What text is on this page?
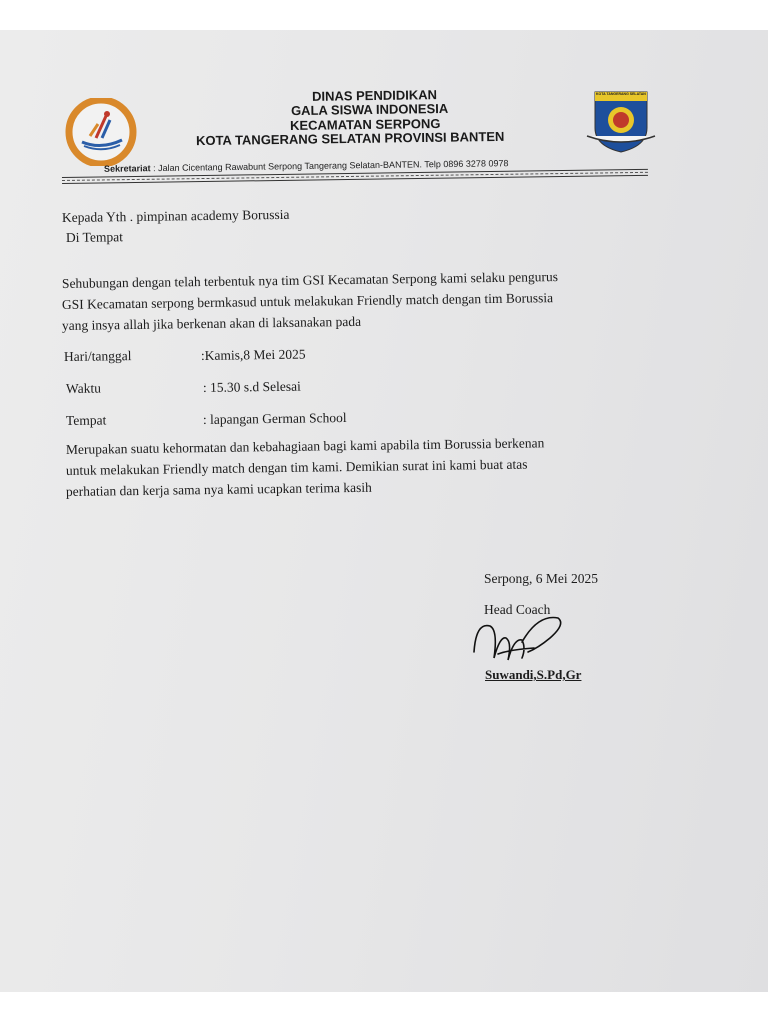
KOTA TANGERANG SELATAN
DINAS PENDIDIKAN
GALA SISWA INDONESIA
KECAMATAN SERPONG
KOTA TANGERANG SELATAN PROVINSI BANTEN
Sekretariat : Jalan Cicentang Rawabunt Serpong Tangerang Selatan-BANTEN. Telp 0896 3278 0978
Kepada Yth . pimpinan academy Borussia
Di Tempat
Sehubungan dengan telah terbentuk nya tim GSI Kecamatan Serpong kami selaku pengurus
GSI Kecamatan serpong bermkasud untuk melakukan Friendly match dengan tim Borussia
yang insya allah jika berkenan akan di laksanakan pada
Hari/tanggal	:Kamis,8 Mei 2025
Waktu	: 15.30 s.d Selesai
Tempat	: lapangan German School
Merupakan suatu kehormatan dan kebahagiaan bagi kami apabila tim Borussia berkenan
untuk melakukan Friendly match dengan tim kami. Demikian surat ini kami buat atas
perhatian dan kerja sama nya kami ucapkan terima kasih
Serpong, 6 Mei 2025
Head Coach
Suwandi,S.Pd,Gr
